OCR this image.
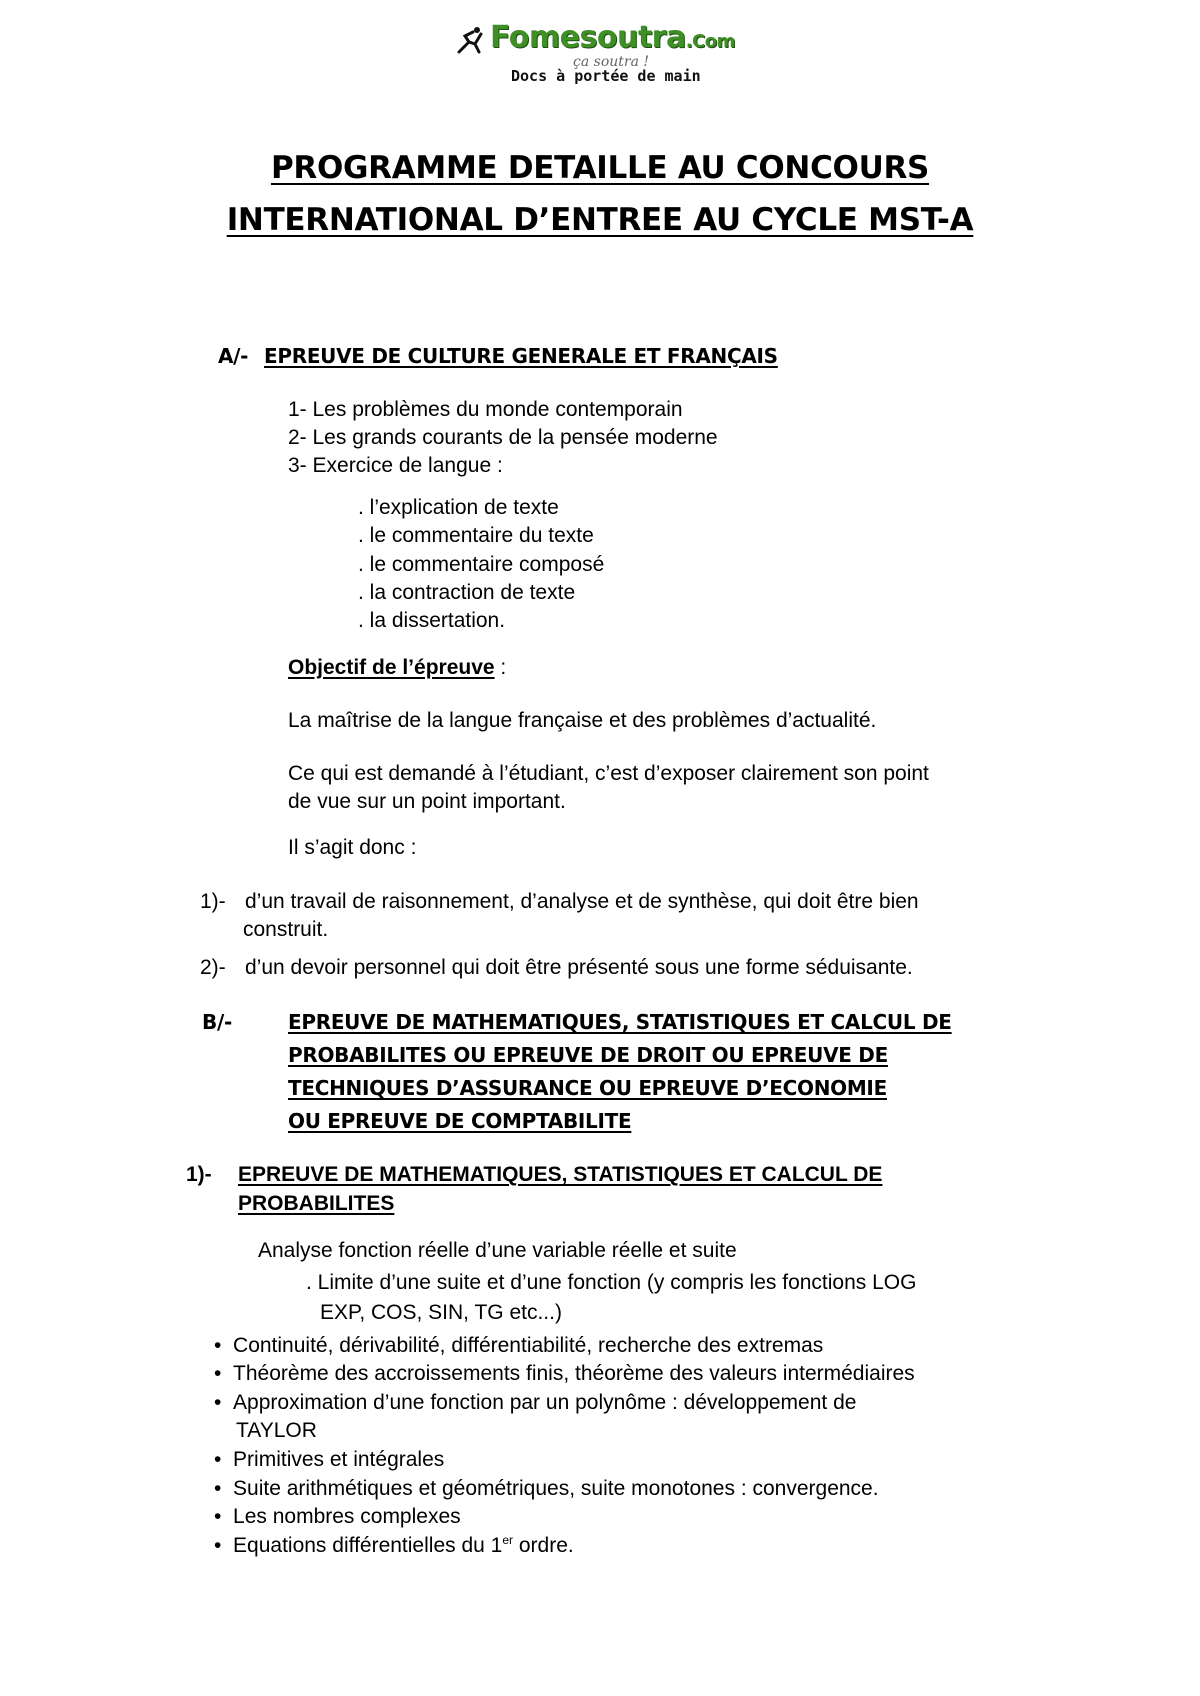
Fomesoutra.Com
ça soutra !
Docs à portée de main
PROGRAMME DETAILLE AU CONCOURS
INTERNATIONAL D’ENTREE AU CYCLE MST-A
A/- EPREUVE DE CULTURE GENERALE ET FRANÇAIS
1- Les problèmes du monde contemporain
2- Les grands courants de la pensée moderne
3- Exercice de langue :
. l’explication de texte
. le commentaire du texte
. le commentaire composé
. la contraction de texte
. la dissertation.
Objectif de l’épreuve :
La maîtrise de la langue française et des problèmes d’actualité.
Ce qui est demandé à l’étudiant, c’est d’exposer clairement son point
de vue sur un point important.
Il s’agit donc :
1)- d’un travail de raisonnement, d’analyse et de synthèse, qui doit être bien
construit.
2)- d’un devoir personnel qui doit être présenté sous une forme séduisante.
B/-	EPREUVE DE MATHEMATIQUES, STATISTIQUES ET CALCUL DE
PROBABILITES OU EPREUVE DE DROIT OU EPREUVE DE
TECHNIQUES D’ASSURANCE OU EPREUVE D’ECONOMIE
OU EPREUVE DE COMPTABILITE
1)- EPREUVE DE MATHEMATIQUES, STATISTIQUES ET CALCUL DE
PROBABILITES
Analyse fonction réelle d’une variable réelle et suite
. Limite d’une suite et d’une fonction (y compris les fonctions LOG
EXP, COS, SIN, TG etc...)
• Continuité, dérivabilité, différentiabilité, recherche des extremas
• Théorème des accroissements finis, théorème des valeurs intermédiaires
• Approximation d’une fonction par un polynôme : développement de
TAYLOR
• Primitives et intégrales
• Suite arithmétiques et géométriques, suite monotones : convergence.
• Les nombres complexes
• Equations différentielles du 1er ordre.
